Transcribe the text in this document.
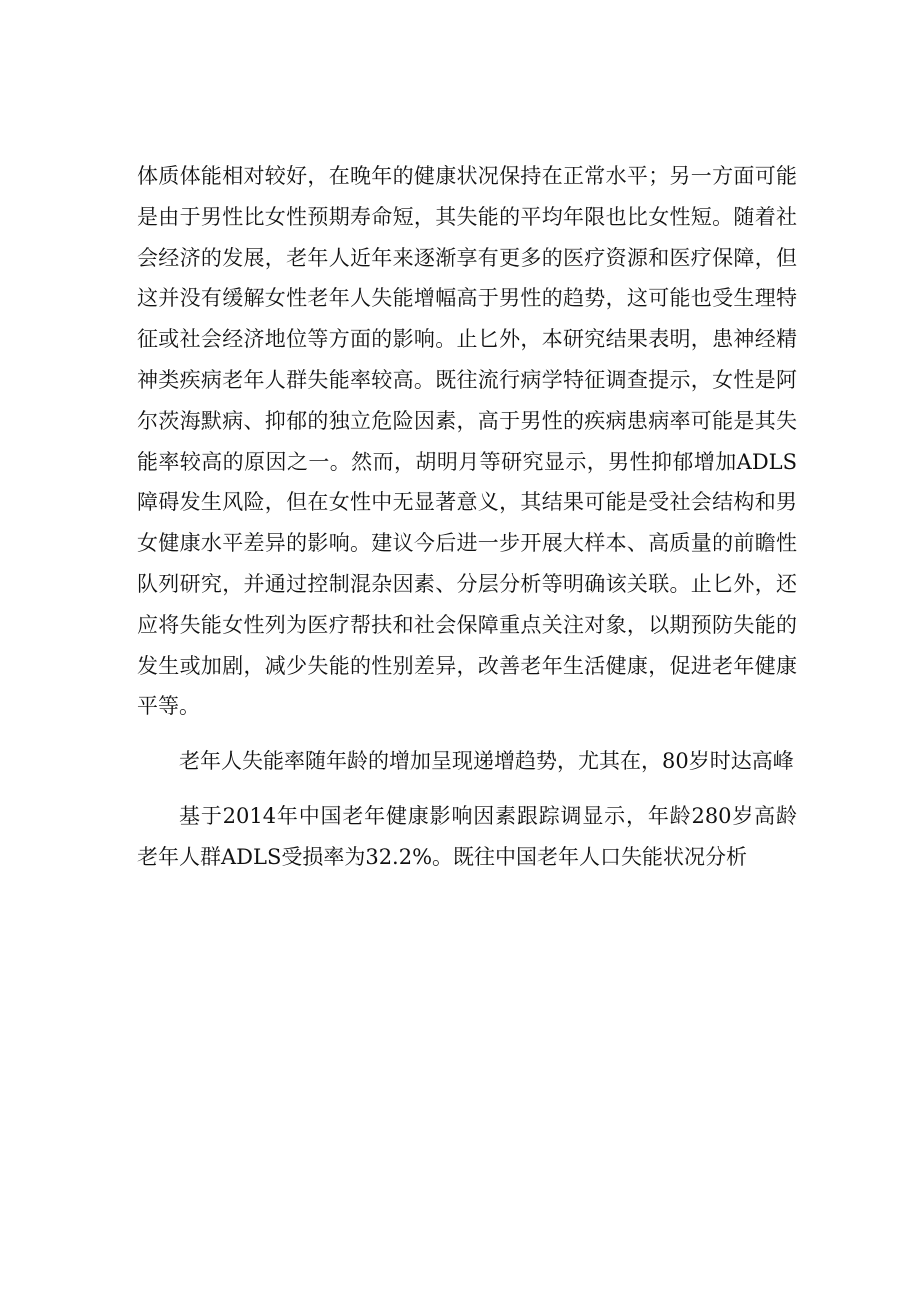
体质体能相对较好，在晚年的健康状况保持在正常水平；另一方面可能是由于男性比女性预期寿命短，其失能的平均年限也比女性短。随着社会经济的发展，老年人近年来逐渐享有更多的医疗资源和医疗保障，但这并没有缓解女性老年人失能增幅高于男性的趋势，这可能也受生理特征或社会经济地位等方面的影响。止匕外，本研究结果表明，患神经精神类疾病老年人群失能率较高。既往流行病学特征调查提示，女性是阿尔茨海默病、抑郁的独立危险因素，高于男性的疾病患病率可能是其失能率较高的原因之一。然而，胡明月等研究显示，男性抑郁增加ADLS障碍发生风险，但在女性中无显著意义，其结果可能是受社会结构和男女健康水平差异的影响。建议今后进一步开展大样本、高质量的前瞻性队列研究，并通过控制混杂因素、分层分析等明确该关联。止匕外，还应将失能女性列为医疗帮扶和社会保障重点关注对象，以期预防失能的发生或加剧，减少失能的性别差异，改善老年生活健康，促进老年健康平等。

老年人失能率随年龄的增加呈现递增趋势，尤其在，80岁时达高峰

基于2014年中国老年健康影响因素跟踪调显示，年龄280岁高龄老年人群ADLS受损率为32.2%。既往中国老年人口失能状况分析
